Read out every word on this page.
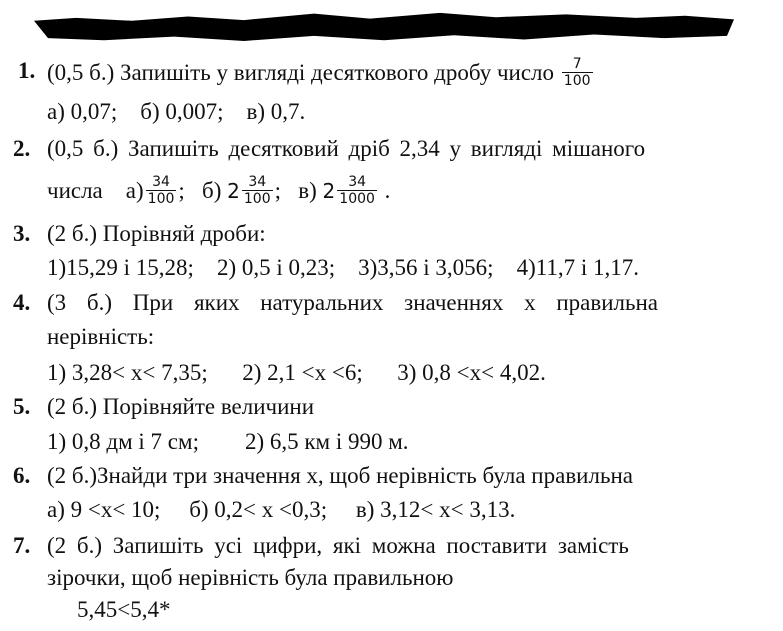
1. (0,5 б.) Запишіть у вигляді десяткового дробу число $\frac{7}{100}$
а) 0,07;    б) 0,007;    в) 0,7.
2. (0,5 б.) Запишіть десятковий дріб 2,34 у вигляді мішаного
числа $а) \frac{34}{100}$ ;   б) $2 \frac{34}{100}$ ;   в) $2 \frac{34}{1000}$ .
3. (2 б.) Порівняй дроби:
1)15,29 і 15,28;    2) 0,5 і 0,23;    3)3,56 і 3,056;    4)11,7 і 1,17.
4. (3 б.) При яких натуральних значеннях х правильна
нерівність:
1) 3,28< x< 7,35;      2) 2,1 <x <6;      3) 0,8 <x< 4,02.
5. (2 б.) Порівняйте величини
1) 0,8 дм і 7 см;        2) 6,5 км і 990 м.
6. (2 б.)Знайди три значення х, щоб нерівність була правильна
а) 9 <x< 10;     б) 0,2< x <0,3;     в) 3,12< x< 3,13.
7. (2 б.) Запишіть усі цифри, які можна поставити замість
зірочки, щоб нерівність була правильною
5,45<5,4*
